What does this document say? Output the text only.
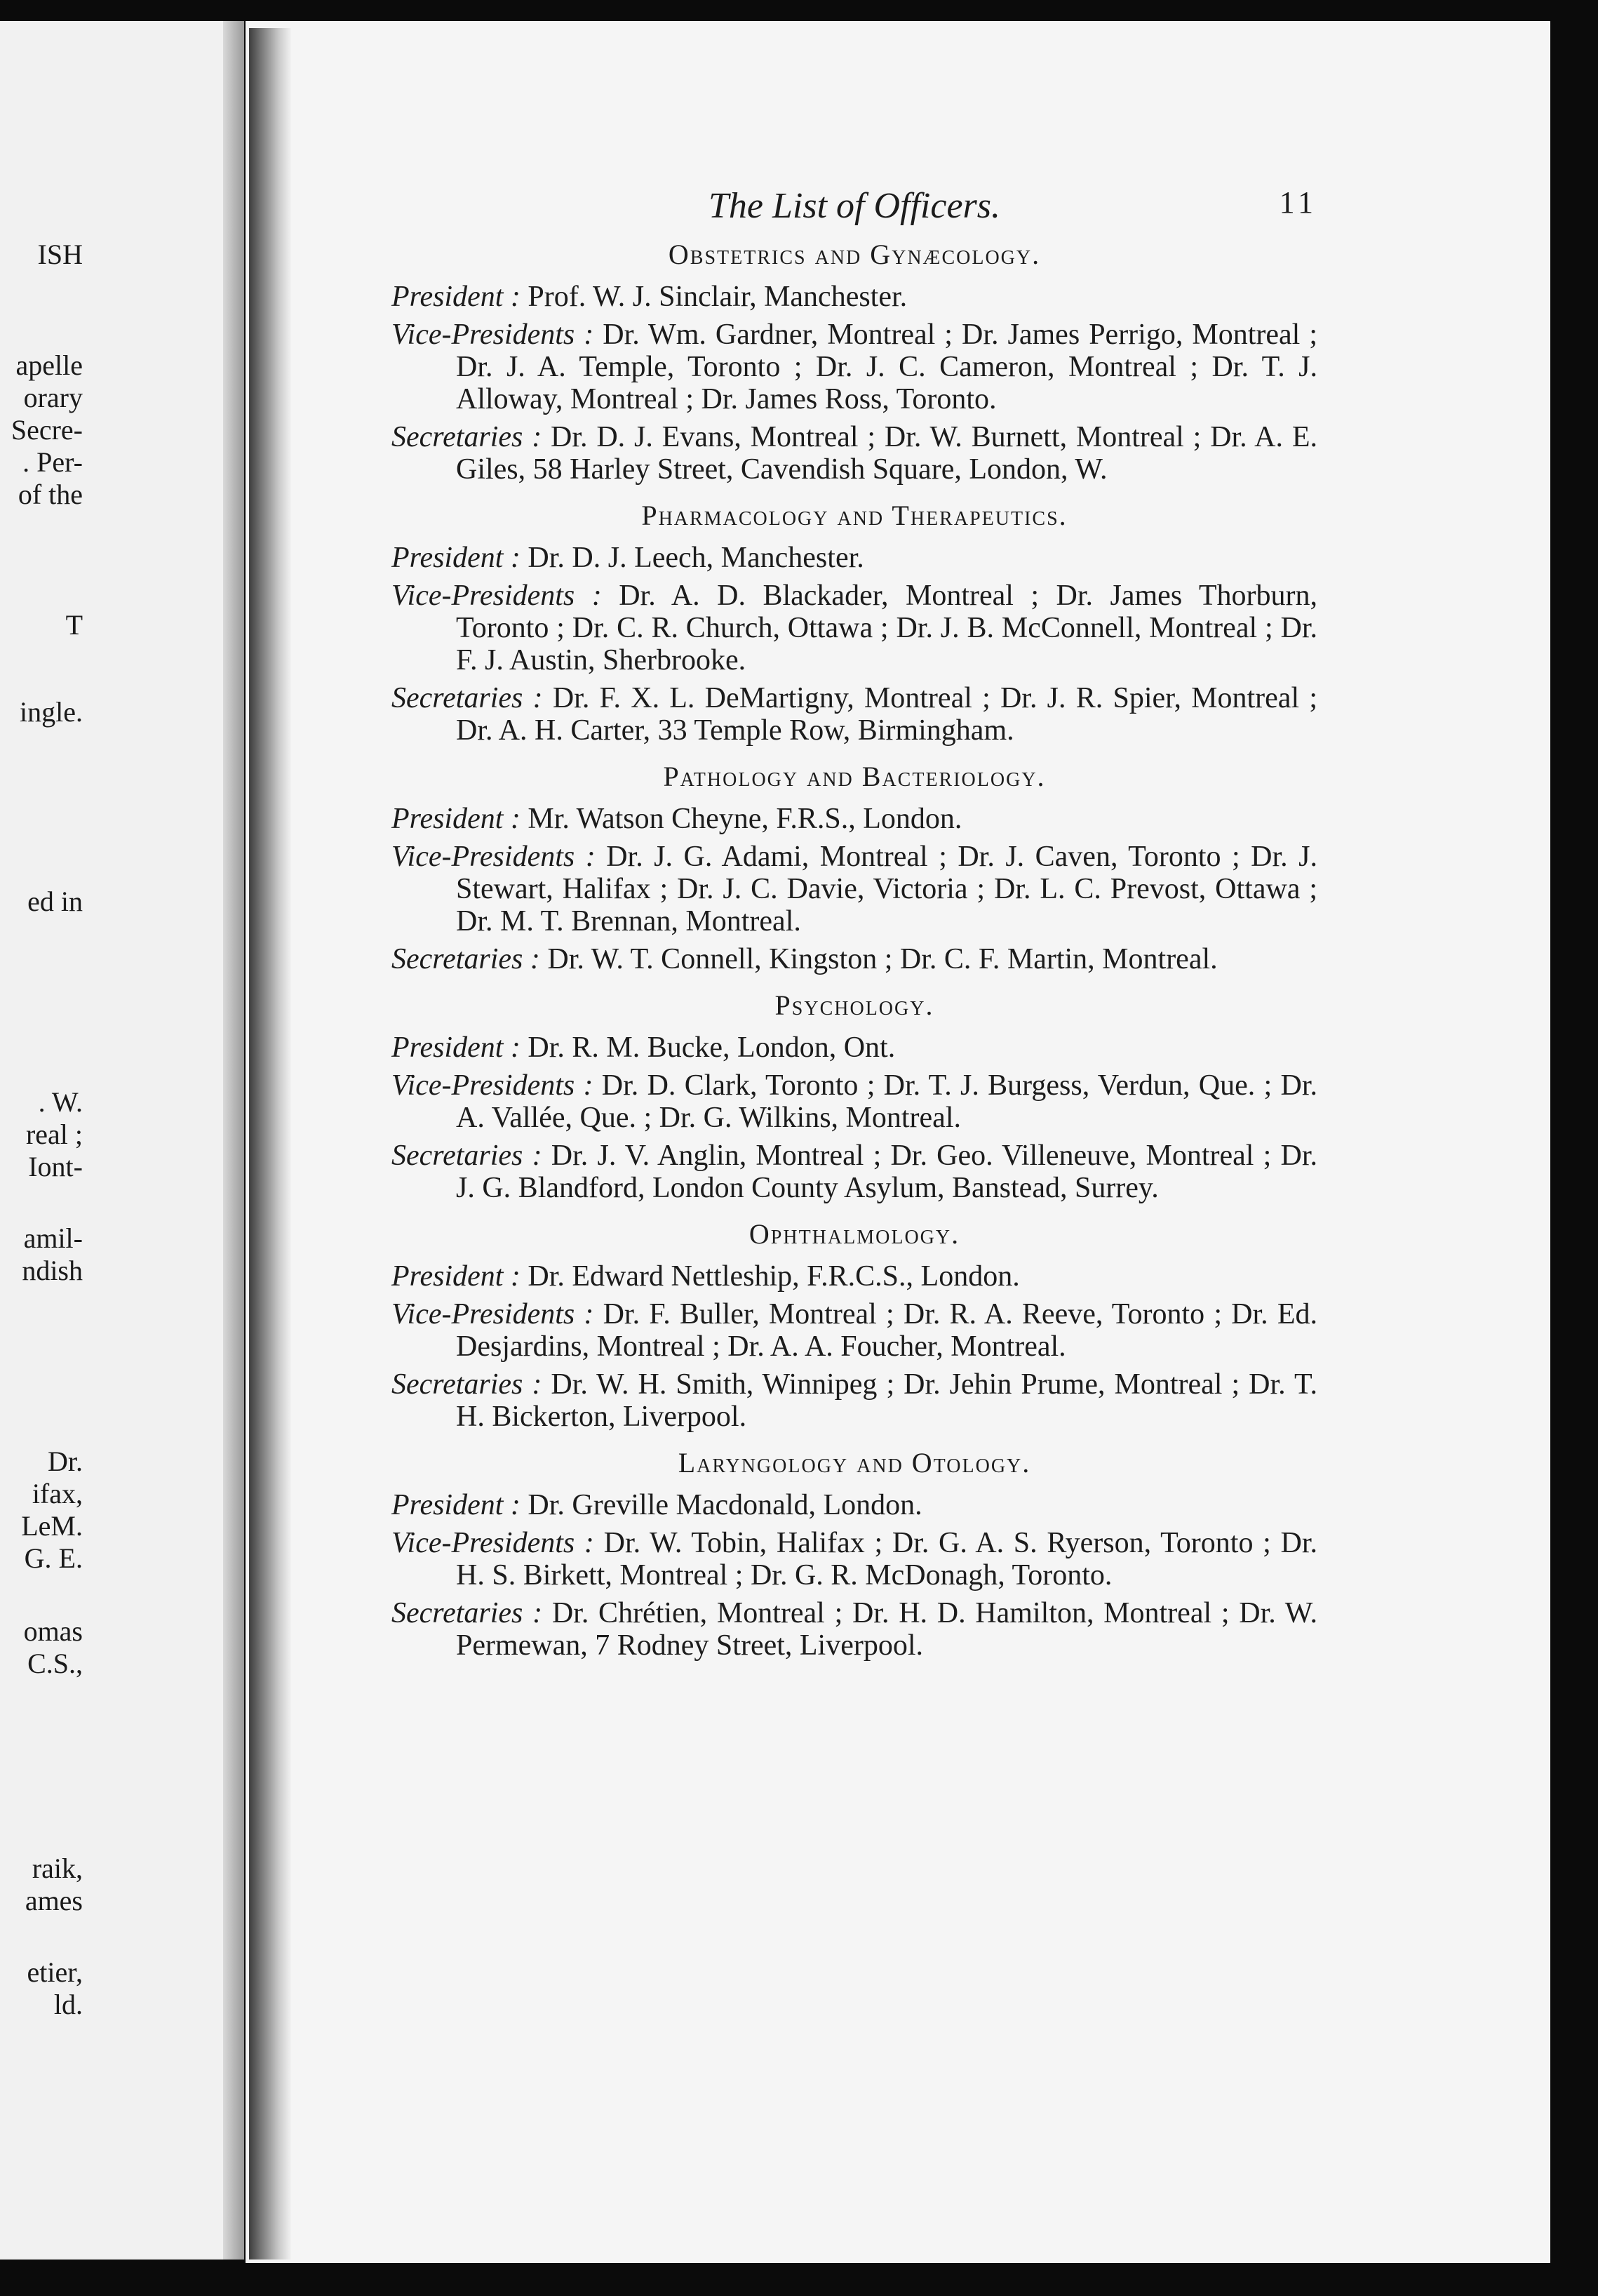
ISH
apelle
orary
Secre-
. Per-
of the
T
ingle.
ed in
. W.
real ;
Iont-
amil-
ndish
Dr.
ifax,
LeM.
G. E.
omas
C.S.,
raik,
ames
etier,
ld.
The List of Officers.	11
Obstetrics and Gynæcology.

President : Prof. W. J. Sinclair, Manchester.

Vice-Presidents : Dr. Wm. Gardner, Montreal ; Dr. James Perrigo, Montreal ; Dr. J. A. Temple, Toronto ; Dr. J. C. Cameron, Montreal ; Dr. T. J. Alloway, Montreal ; Dr. James Ross, Toronto.

Secretaries : Dr. D. J. Evans, Montreal ; Dr. W. Burnett, Montreal ; Dr. A. E. Giles, 58 Harley Street, Cavendish Square, London, W.

Pharmacology and Therapeutics.

President : Dr. D. J. Leech, Manchester.

Vice-Presidents : Dr. A. D. Blackader, Montreal ; Dr. James Thorburn, Toronto ; Dr. C. R. Church, Ottawa ; Dr. J. B. McConnell, Montreal ; Dr. F. J. Austin, Sherbrooke.

Secretaries : Dr. F. X. L. DeMartigny, Montreal ; Dr. J. R. Spier, Montreal ; Dr. A. H. Carter, 33 Temple Row, Birmingham.

Pathology and Bacteriology.

President : Mr. Watson Cheyne, F.R.S., London.

Vice-Presidents : Dr. J. G. Adami, Montreal ; Dr. J. Caven, Toronto ; Dr. J. Stewart, Halifax ; Dr. J. C. Davie, Victoria ; Dr. L. C. Prevost, Ottawa ; Dr. M. T. Brennan, Montreal.

Secretaries : Dr. W. T. Connell, Kingston ; Dr. C. F. Martin, Montreal.

Psychology.

President : Dr. R. M. Bucke, London, Ont.

Vice-Presidents : Dr. D. Clark, Toronto ; Dr. T. J. Burgess, Verdun, Que. ; Dr. A. Vallée, Que. ; Dr. G. Wilkins, Montreal.

Secretaries : Dr. J. V. Anglin, Montreal ; Dr. Geo. Villeneuve, Montreal ; Dr. J. G. Blandford, London County Asylum, Banstead, Surrey.

Ophthalmology.

President : Dr. Edward Nettleship, F.R.C.S., London.

Vice-Presidents : Dr. F. Buller, Montreal ; Dr. R. A. Reeve, Toronto ; Dr. Ed. Desjardins, Montreal ; Dr. A. A. Foucher, Montreal.

Secretaries : Dr. W. H. Smith, Winnipeg ; Dr. Jehin Prume, Montreal ; Dr. T. H. Bickerton, Liverpool.

Laryngology and Otology.

President : Dr. Greville Macdonald, London.

Vice-Presidents : Dr. W. Tobin, Halifax ; Dr. G. A. S. Ryerson, Toronto ; Dr. H. S. Birkett, Montreal ; Dr. G. R. McDonagh, Toronto.

Secretaries : Dr. Chrétien, Montreal ; Dr. H. D. Hamilton, Montreal ; Dr. W. Permewan, 7 Rodney Street, Liverpool.
